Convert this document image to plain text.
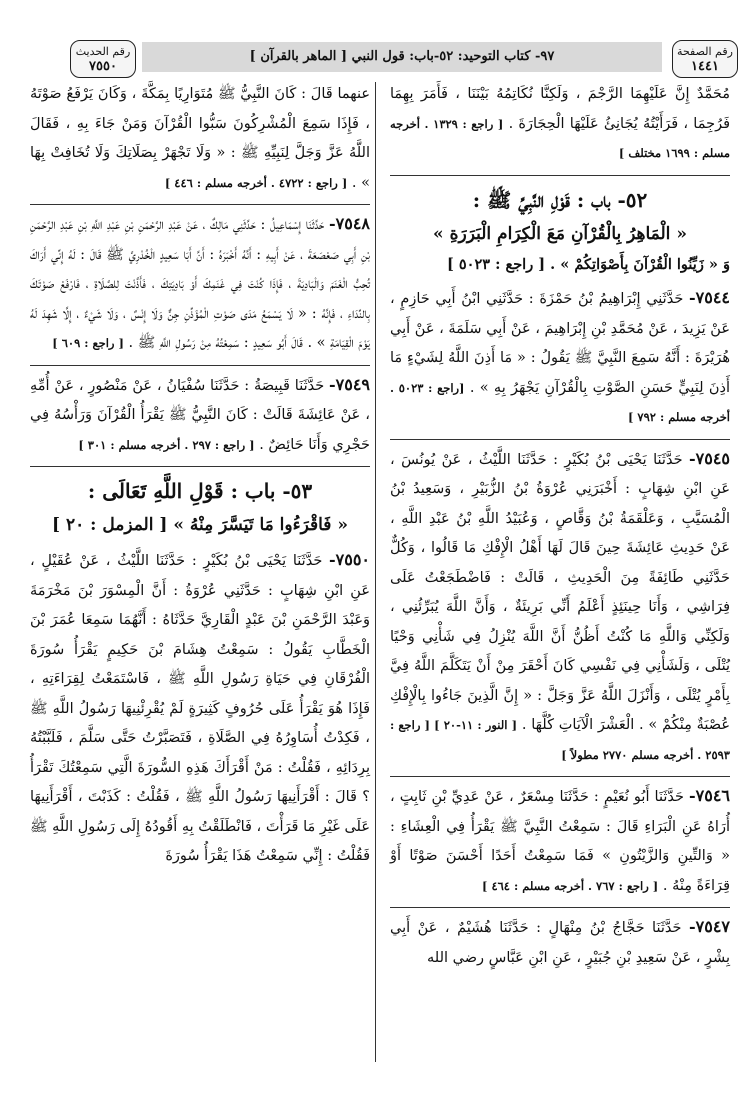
رقم الصفحة
١٤٤١
٩٧- كتاب التوحيد: ٥٢-باب: قول النبي [ الماهر بالقرآن ]
رقم الحديث
٧٥٥٠

مُحَمَّدٌ إِنَّ عَلَيْهِمَا الرَّجْمَ ، وَلَكِنَّا نُكَاتِمُهُ بَيْنَنَا ، فَأَمَرَ بِهِمَا فَرُجِمَا ، فَرَأَيْتُهُ يُجَانِئُ عَلَيْهَا الْحِجَارَةَ . [ راجع : ١٣٢٩ . أخرجه مسلم : ١٦٩٩ مختلف ]

٥٢- باب : قَوْلِ النَّبِيِّ ﷺ :
« الْمَاهِرُ بِالْقُرْآنِ مَعَ الْكِرَامِ الْبَرَرَةِ »

وَ « زَيِّنُوا الْقُرْآنَ بِأَصْوَاتِكُمْ » . [ راجع : ٥٠٢٣ ]

٧٥٤٤- حَدَّثَنِي إِبْرَاهِيمُ بْنُ حَمْزَةَ : حَدَّثَنِي ابْنُ أَبِي حَازِمٍ ، عَنْ يَزِيدَ ، عَنْ مُحَمَّدِ بْنِ إِبْرَاهِيمَ ، عَنْ أَبِي سَلَمَةَ ، عَنْ أَبِي هُرَيْرَةَ : أَنَّهُ سَمِعَ النَّبِيَّ ﷺ يَقُولُ : « مَا أَذِنَ اللَّهُ لِشَيْءٍ مَا أَذِنَ لِنَبِيٍّ حَسَنِ الصَّوْتِ بِالْقُرْآنِ يَجْهَرُ بِهِ » . [راجع : ٥٠٢٣ . أخرجه مسلم : ٧٩٢ ]

٧٥٤٥- حَدَّثَنَا يَحْيَى بْنُ بُكَيْرٍ : حَدَّثَنَا اللَّيْثُ ، عَنْ يُونُسَ ، عَنِ ابْنِ شِهَابٍ : أَخْبَرَنِي عُرْوَةُ بْنُ الزُّبَيْرِ ، وَسَعِيدُ بْنُ الْمُسَيَّبِ ، وَعَلْقَمَةُ بْنُ وَقَّاصٍ ، وَعُبَيْدُ اللَّهِ بْنُ عَبْدِ اللَّهِ ، عَنْ حَدِيثِ عَائِشَةَ حِينَ قَالَ لَهَا أَهْلُ الْإِفْكِ مَا قَالُوا ، وَكُلٌّ حَدَّثَنِي طَائِفَةً مِنَ الْحَدِيثِ ، قَالَتْ : فَاضْطَجَعْتُ عَلَى فِرَاشِي ، وَأَنَا حِينَئِذٍ أَعْلَمُ أَنِّي بَرِيئَةٌ ، وَأَنَّ اللَّهَ يُبَرِّئُنِي ، وَلَكِنِّي وَاللَّهِ مَا كُنْتُ أَظُنُّ أَنَّ اللَّهَ يُنْزِلُ فِي شَأْنِي وَحْيًا يُتْلَى ، وَلَشَأْنِي فِي نَفْسِي كَانَ أَحْقَرَ مِنْ أَنْ يَتَكَلَّمَ اللَّهُ فِيَّ بِأَمْرٍ يُتْلَى ، وَأَنْزَلَ اللَّهُ عَزَّ وَجَلَّ : « إِنَّ الَّذِينَ جَاءُوا بِالْإِفْكِ عُصْبَةٌ مِنْكُمْ » . الْعَشْرَ الْآيَاتِ كُلَّهَا . [ النور : ١١-٢٠ ] [ راجع : ٢٥٩٣ . أخرجه مسلم ٢٧٧٠ مطولاً ]

٧٥٤٦- حَدَّثَنَا أَبُو نُعَيْمٍ : حَدَّثَنَا مِسْعَرٌ ، عَنْ عَدِيِّ بْنِ ثَابِتٍ ، أُرَاهُ عَنِ الْبَرَاءِ قَالَ : سَمِعْتُ النَّبِيَّ ﷺ يَقْرَأُ فِي الْعِشَاءِ : « وَالتِّينِ وَالزَّيْتُونِ » فَمَا سَمِعْتُ أَحَدًا أَحْسَنَ صَوْتًا أَوْ قِرَاءَةً مِنْهُ . [ راجع : ٧٦٧ . أخرجه مسلم : ٤٦٤ ]

٧٥٤٧- حَدَّثَنَا حَجَّاجُ بْنُ مِنْهَالٍ : حَدَّثَنَا هُشَيْمٌ ، عَنْ أَبِي بِشْرٍ ، عَنْ سَعِيدِ بْنِ جُبَيْرٍ ، عَنِ ابْنِ عَبَّاسٍ رضي الله

عنهما قَالَ : كَانَ النَّبِيُّ ﷺ مُتَوَارِيًا بِمَكَّةَ ، وَكَانَ يَرْفَعُ صَوْتَهُ ، فَإِذَا سَمِعَ الْمُشْرِكُونَ سَبُّوا الْقُرْآنَ وَمَنْ جَاءَ بِهِ ، فَقَالَ اللَّهُ عَزَّ وَجَلَّ لِنَبِيِّهِ ﷺ : « وَلَا تَجْهَرْ بِصَلَاتِكَ وَلَا تُخَافِتْ بِهَا » . [ راجع : ٤٧٢٢ . أخرجه مسلم : ٤٤٦ ]

٧٥٤٨- حَدَّثَنَا إِسْمَاعِيلُ : حَدَّثَنِي مَالِكٌ ، عَنْ عَبْدِ الرَّحْمَنِ بْنِ عَبْدِ اللَّهِ بْنِ عَبْدِ الرَّحْمَنِ بْنِ أَبِي صَعْصَعَةَ ، عَنْ أَبِيهِ : أَنَّهُ أَخْبَرَهُ : أَنَّ أَبَا سَعِيدٍ الْخُدْرِيَّ ﷺ قَالَ : لَهُ إِنِّي أَرَاكَ تُحِبُّ الْغَنَمَ وَالْبَادِيَةَ ، فَإِذَا كُنْتَ فِي غَنَمِكَ أَوْ بَادِيَتِكَ ، فَأَذَّنْتَ لِلصَّلَاةِ ، فَارْفَعْ صَوْتَكَ بِالنِّدَاءِ ، فَإِنَّهُ : « لَا يَسْمَعُ مَدَى صَوْتِ الْمُؤَذِّنِ جِنٌّ وَلَا إِنْسٌ ، وَلَا شَيْءٌ ، إِلَّا شَهِدَ لَهُ يَوْمَ الْقِيَامَةِ » . قَالَ أَبُو سَعِيدٍ : سَمِعْتُهُ مِنْ رَسُولِ اللَّهِ ﷺ . [ راجع : ٦٠٩ ]

٧٥٤٩- حَدَّثَنَا قَبِيصَةُ : حَدَّثَنَا سُفْيَانُ ، عَنْ مَنْصُورٍ ، عَنْ أُمِّهِ ، عَنْ عَائِشَةَ قَالَتْ : كَانَ النَّبِيُّ ﷺ يَقْرَأُ الْقُرْآنَ وَرَأْسُهُ فِي حَجْرِي وَأَنَا حَائِضٌ . [ راجع : ٢٩٧ . أخرجه مسلم : ٣٠١ ]

٥٣- باب : قَوْلِ اللَّهِ تَعَالَى :
« فَاقْرَءُوا مَا تَيَسَّرَ مِنْهُ » [ المزمل : ٢٠ ]

٧٥٥٠- حَدَّثَنَا يَحْيَى بْنُ بُكَيْرٍ : حَدَّثَنَا اللَّيْثُ ، عَنْ عُقَيْلٍ ، عَنِ ابْنِ شِهَابٍ : حَدَّثَنِي عُرْوَةُ : أَنَّ الْمِسْوَرَ بْنَ مَخْرَمَةَ وَعَبْدَ الرَّحْمَنِ بْنَ عَبْدٍ الْقَارِيَّ حَدَّثَاهُ : أَنَّهُمَا سَمِعَا عُمَرَ بْنَ الْخَطَّابِ يَقُولُ : سَمِعْتُ هِشَامَ بْنَ حَكِيمٍ يَقْرَأُ سُورَةَ الْفُرْقَانِ فِي حَيَاةِ رَسُولِ اللَّهِ ﷺ ، فَاسْتَمَعْتُ لِقِرَاءَتِهِ ، فَإِذَا هُوَ يَقْرَأُ عَلَى حُرُوفٍ كَثِيرَةٍ لَمْ يُقْرِئْنِيهَا رَسُولُ اللَّهِ ﷺ ، فَكِدْتُ أُسَاوِرُهُ فِي الصَّلَاةِ ، فَتَصَبَّرْتُ حَتَّى سَلَّمَ ، فَلَبَّبْتُهُ بِرِدَائِهِ ، فَقُلْتُ : مَنْ أَقْرَأَكَ هَذِهِ السُّورَةَ الَّتِي سَمِعْتُكَ تَقْرَأُ ؟ قَالَ : أَقْرَأَنِيهَا رَسُولُ اللَّهِ ﷺ ، فَقُلْتُ : كَذَبْتَ ، أَقْرَأَنِيهَا عَلَى غَيْرِ مَا قَرَأْتَ ، فَانْطَلَقْتُ بِهِ أَقُودُهُ إِلَى رَسُولِ اللَّهِ ﷺ فَقُلْتُ : إِنِّي سَمِعْتُ هَذَا يَقْرَأُ سُورَةَ
